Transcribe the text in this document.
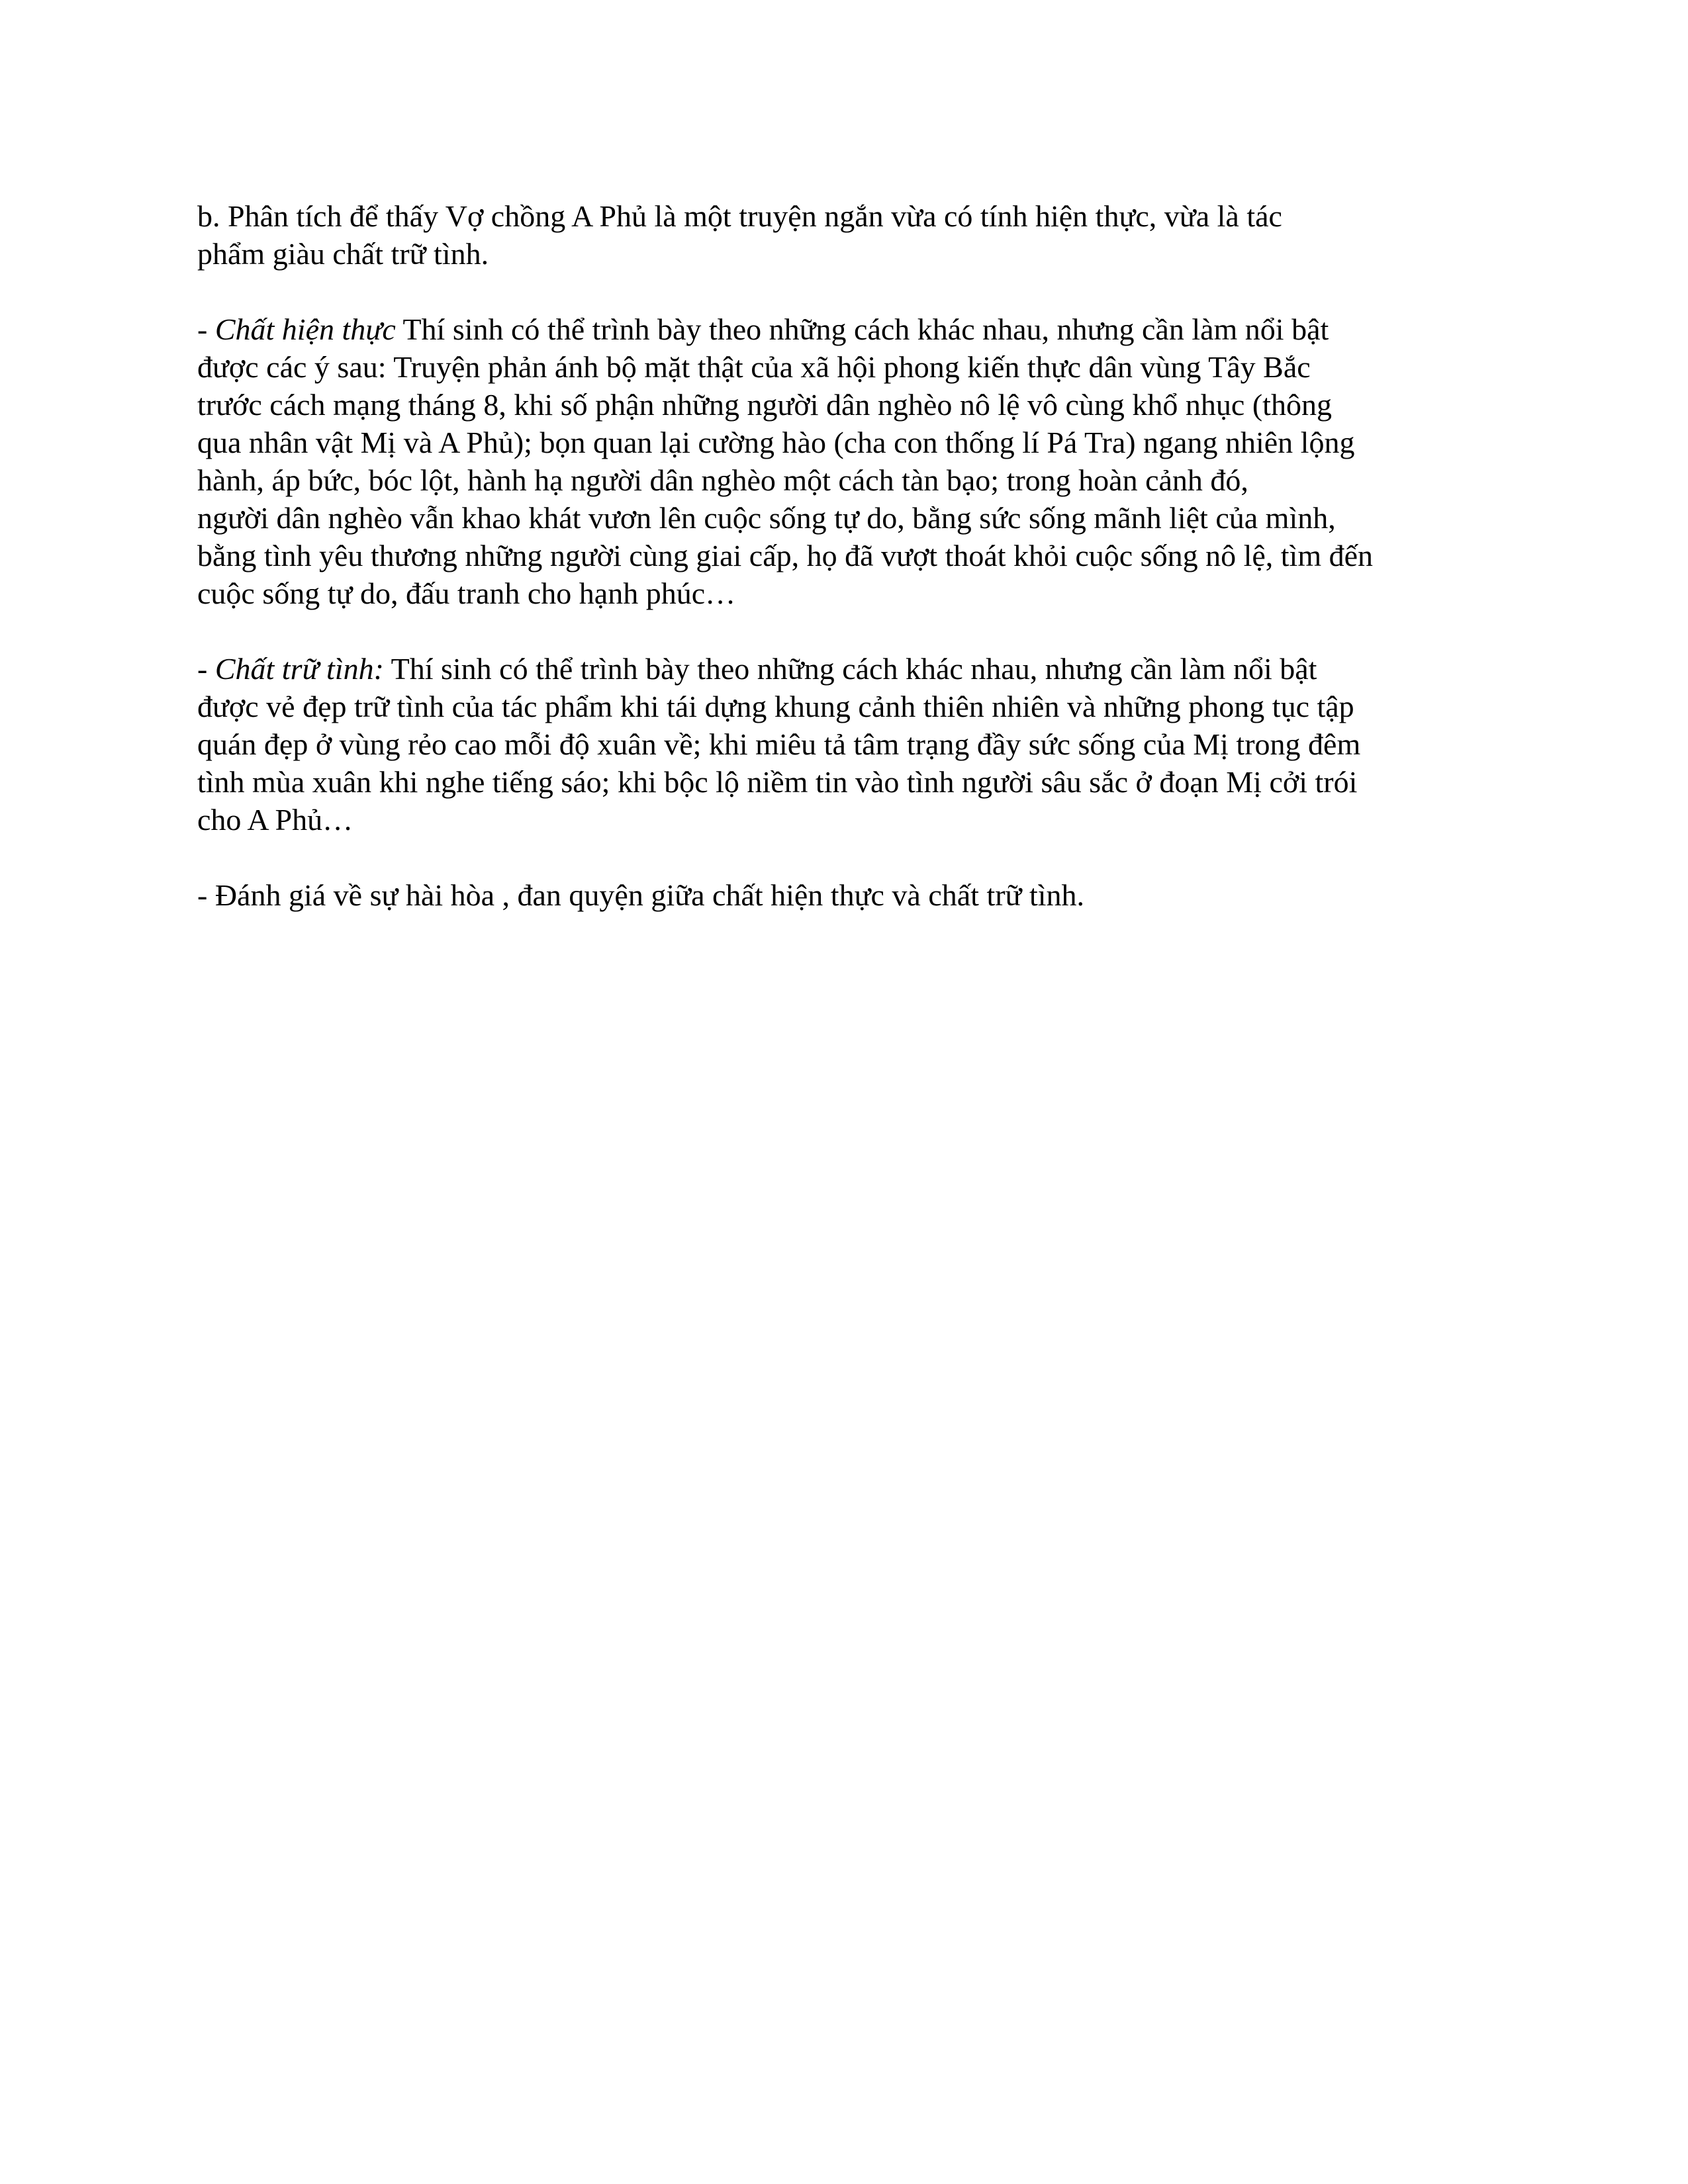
b. Phân tích để thấy Vợ chồng A Phủ là một truyện ngắn vừa có tính hiện thực, vừa là tác
phẩm giàu chất trữ tình.

- Chất hiện thực Thí sinh có thể trình bày theo những cách khác nhau, nhưng cần làm nổi bật
được các ý sau: Truyện phản ánh bộ mặt thật của xã hội phong kiến thực dân vùng Tây Bắc
trước cách mạng tháng 8, khi số phận những người dân nghèo nô lệ vô cùng khổ nhục (thông
qua nhân vật Mị và A Phủ); bọn quan lại cường hào (cha con thống lí Pá Tra) ngang nhiên lộng
hành, áp bức, bóc lột, hành hạ người dân nghèo một cách tàn bạo; trong hoàn cảnh đó,
người dân nghèo vẫn khao khát vươn lên cuộc sống tự do, bằng sức sống mãnh liệt của mình,
bằng tình yêu thương những người cùng giai cấp, họ đã vượt thoát khỏi cuộc sống nô lệ, tìm đến
cuộc sống tự do, đấu tranh cho hạnh phúc…

- Chất trữ tình: Thí sinh có thể trình bày theo những cách khác nhau, nhưng cần làm nổi bật
được vẻ đẹp trữ tình của tác phẩm khi tái dựng khung cảnh thiên nhiên và những phong tục tập
quán đẹp ở vùng rẻo cao mỗi độ xuân về; khi miêu tả tâm trạng đầy sức sống của Mị trong đêm
tình mùa xuân khi nghe tiếng sáo; khi bộc lộ niềm tin vào tình người sâu sắc ở đoạn Mị cởi trói
cho A Phủ…

- Đánh giá về sự hài hòa , đan quyện giữa chất hiện thực và chất trữ tình.
